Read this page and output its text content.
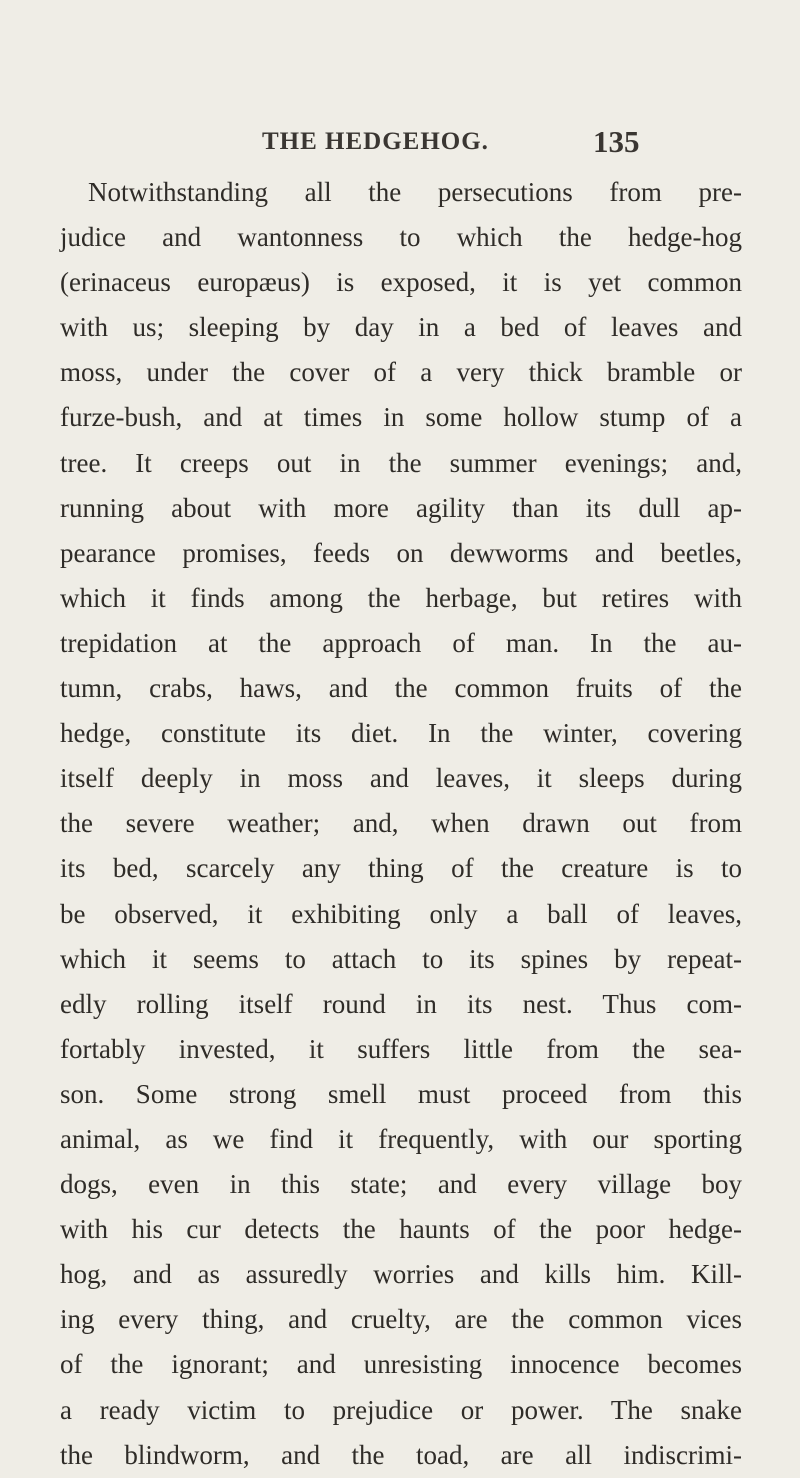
THE HEDGEHOG.	135
Notwithstanding all the persecutions from pre-
judice and wantonness to which the hedge-hog
(erinaceus europæus) is exposed, it is yet common
with us; sleeping by day in a bed of leaves and
moss, under the cover of a very thick bramble or
furze-bush, and at times in some hollow stump of a
tree. It creeps out in the summer evenings; and,
running about with more agility than its dull ap-
pearance promises, feeds on dewworms and beetles,
which it finds among the herbage, but retires with
trepidation at the approach of man. In the au-
tumn, crabs, haws, and the common fruits of the
hedge, constitute its diet. In the winter, covering
itself deeply in moss and leaves, it sleeps during
the severe weather; and, when drawn out from
its bed, scarcely any thing of the creature is to
be observed, it exhibiting only a ball of leaves,
which it seems to attach to its spines by repeat-
edly rolling itself round in its nest. Thus com-
fortably invested, it suffers little from the sea-
son. Some strong smell must proceed from this
animal, as we find it frequently, with our sporting
dogs, even in this state; and every village boy
with his cur detects the haunts of the poor hedge-
hog, and as assuredly worries and kills him. Kill-
ing every thing, and cruelty, are the common vices
of the ignorant; and unresisting innocence becomes
a ready victim to prejudice or power. The snake
the blindworm, and the toad, are all indiscrimi-
